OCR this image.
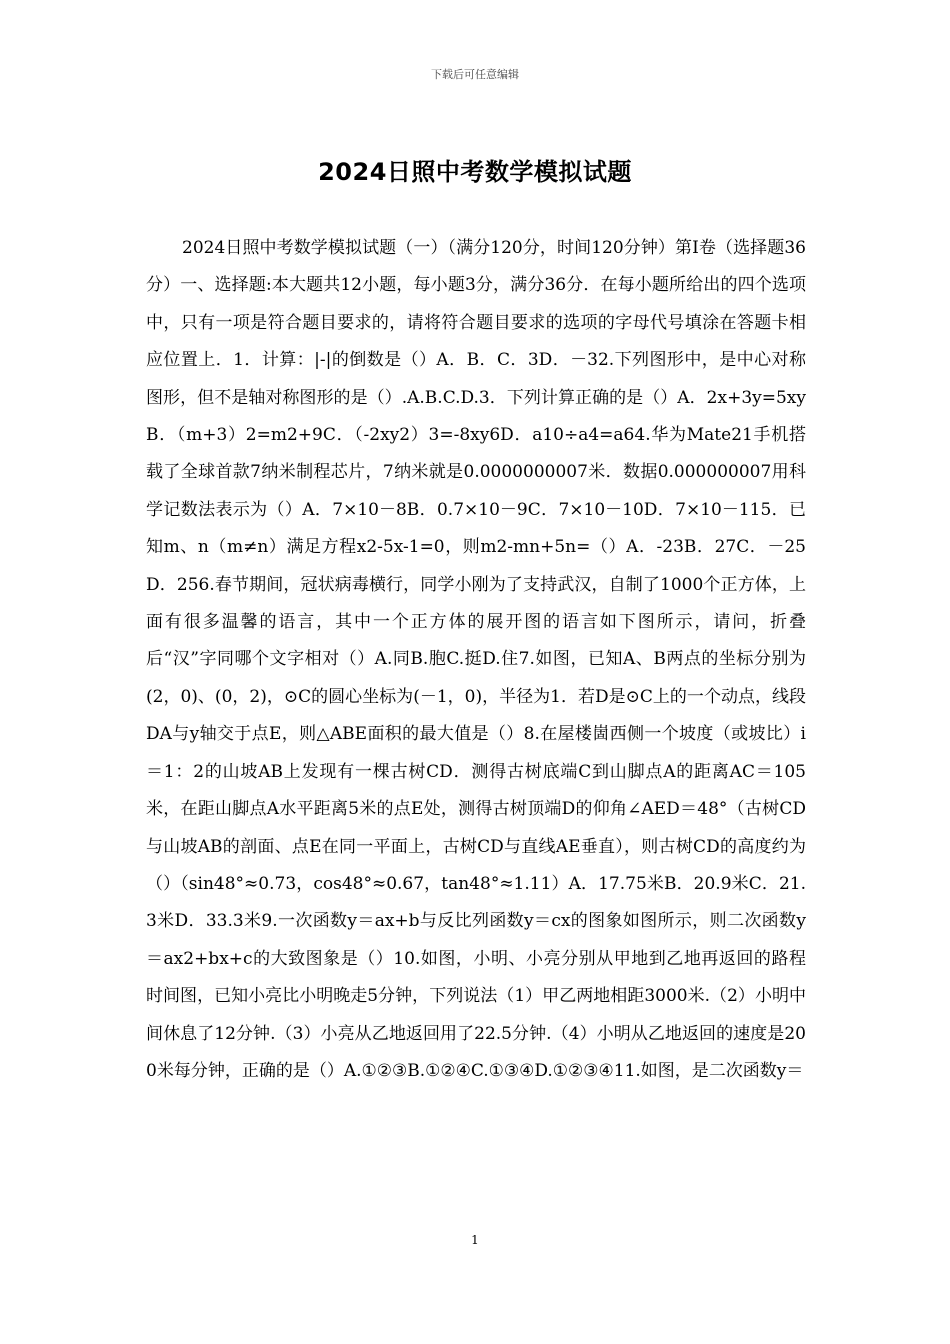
下载后可任意编辑
2024日照中考数学模拟试题
2024日照中考数学模拟试题（一）（满分120分，时间120分钟）第Ⅰ卷（选择题36分）一、选择题:本大题共12小题，每小题3分，满分36分．在每小题所给出的四个选项中，只有一项是符合题目要求的，请将符合题目要求的选项的字母代号填涂在答题卡相应位置上．1．计算：|-|的倒数是（）A．B．C．3D．－32.下列图形中，是中心对称图形，但不是轴对称图形的是（）.A.B.C.D.3．下列计算正确的是（）A．2x+3y=5xyB．（m+3）2=m2+9C．（-2xy2）3=-8xy6D．a10÷a4=a64.华为Mate21手机搭载了全球首款7纳米制程芯片，7纳米就是0.0000000007米．数据0.000000007用科学记数法表示为（）A．7×10－8B．0.7×10－9C．7×10－10D．7×10－115．已知m、n（m≠n）满足方程x2-5x-1=0，则m2-mn+5n=（）A．-23B．27C．－25D．256.春节期间，冠状病毒横行，同学小刚为了支持武汉，自制了1000个正方体，上面有很多温馨的语言，其中一个正方体的展开图的语言如下图所示，请问，折叠后“汉”字同哪个文字相对（）A.同B.胞C.挺D.住7.如图，已知A、B两点的坐标分别为(2，0)、(0，2)，⊙C的圆心坐标为(－1，0)，半径为1．若D是⊙C上的一个动点，线段DA与y轴交于点E，则△ABE面积的最大值是（）8.在屋楼崮西侧一个坡度（或坡比）i＝1：2的山坡AB上发现有一棵古树CD．测得古树底端C到山脚点A的距离AC＝105米，在距山脚点A水平距离5米的点E处，测得古树顶端D的仰角∠AED＝48°（古树CD与山坡AB的剖面、点E在同一平面上，古树CD与直线AE垂直），则古树CD的高度约为（）（sin48°≈0.73，cos48°≈0.67，tan48°≈1.11）A．17.75米B．20.9米C．21.3米D．33.3米9.一次函数y＝ax+b与反比列函数y＝cx的图象如图所示，则二次函数y＝ax2+bx+c的大致图象是（）10.如图，小明、小亮分别从甲地到乙地再返回的路程时间图，已知小亮比小明晚走5分钟，下列说法（1）甲乙两地相距3000米.（2）小明中间休息了12分钟.（3）小亮从乙地返回用了22.5分钟.（4）小明从乙地返回的速度是200米每分钟，正确的是（）A.①②③B.①②④C.①③④D.①②③④11.如图，是二次函数y＝
1
